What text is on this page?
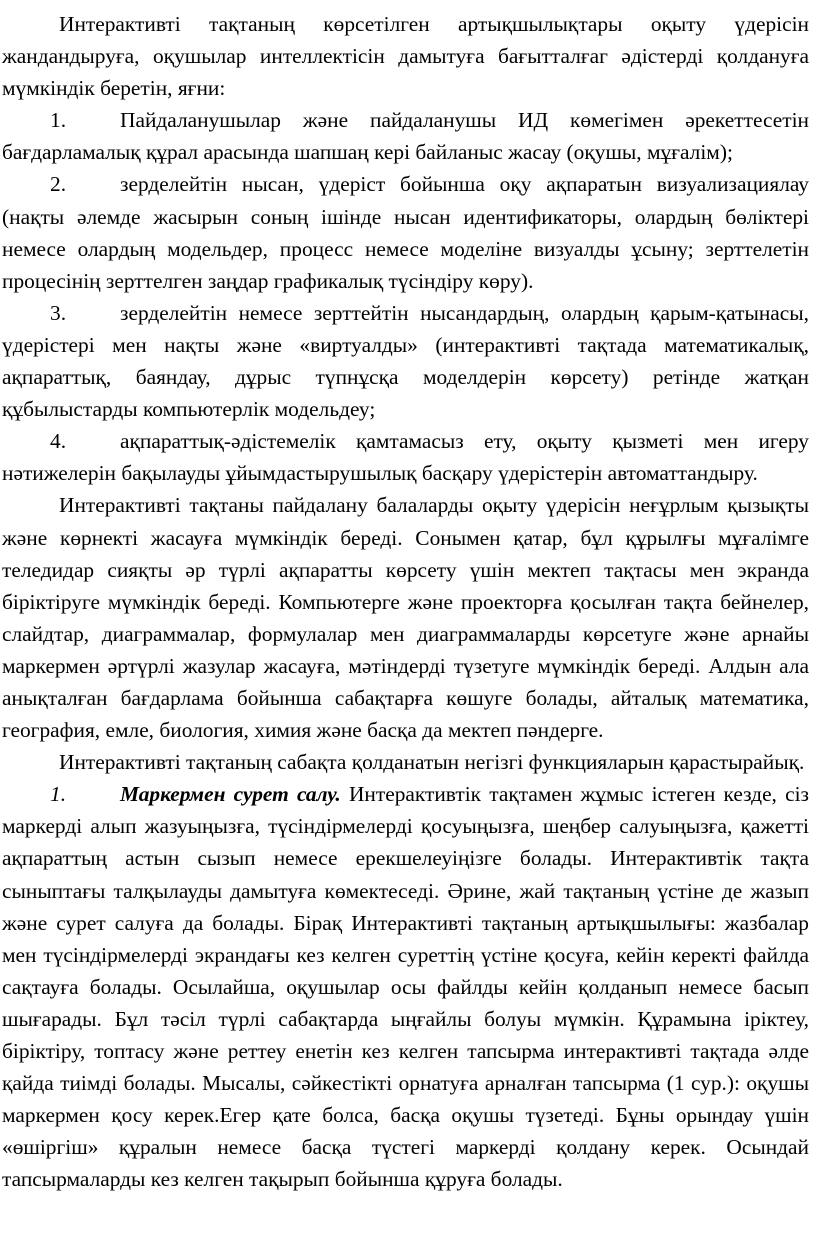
Интерактивті тақтаның көрсетілген артықшылықтары оқыту үдерісін жандандыруға, оқушылар интеллектісін дамытуға бағытталғаг әдістерді қолдануға мүмкіндік беретін, яғни:

1.	Пайдаланушылар және пайдаланушы ИД көмегімен әрекеттесетін бағдарламалық құрал арасында шапшаң кері байланыс жасау (оқушы, мұғалім);

2.	зерделейтін нысан, үдеріст бойынша оқу ақпаратын визуализациялау (нақты әлемде жасырын соның ішінде нысан идентификаторы, олардың бөліктері немесе олардың модельдер, процесс немесе моделіне визуалды ұсыну; зерттелетін процесінің зерттелген заңдар графикалық түсіндіру көру).

3.	зерделейтін немесе зерттейтін нысандардың, олардың қарым-қатынасы, үдерістері мен нақты және «виртуалды» (интерактивті тақтада математикалық, ақпараттық, баяндау, дұрыс түпнұсқа моделдерін көрсету) ретінде жатқан құбылыстарды компьютерлік модельдеу;

4.	ақпараттық-әдістемелік қамтамасыз ету, оқыту қызметі мен игеру нәтижелерін бақылауды ұйымдастырушылық басқару үдерістерін автоматтандыру.

Интерактивті тақтаны пайдалану балаларды оқыту үдерісін неғұрлым қызықты және көрнекті жасауға мүмкіндік береді. Сонымен қатар, бұл құрылғы мұғалімге теледидар сияқты әр түрлі ақпаратты көрсету үшін мектеп тақтасы мен экранда біріктіруге мүмкіндік береді. Компьютерге және проекторға қосылған тақта бейнелер, слайдтар, диаграммалар, формулалар мен диаграммаларды көрсетуге және арнайы маркермен әртүрлі жазулар жасауға, мәтіндерді түзетуге мүмкіндік береді. Алдын ала анықталған бағдарлама бойынша сабақтарға көшуге болады, айталық математика, география, емле, биология, химия және басқа да мектеп пәндерге.

Интерактивті тақтаның сабақта қолданатын негізгі функцияларын қарастырайық.

1.	Маркермен сурет салу. Интерактивтік тақтамен жұмыс істеген кезде, сіз маркерді алып жазуыңызға, түсіндірмелерді қосуыңызға, шеңбер салуыңызға, қажетті ақпараттың астын сызып немесе ерекшелеуіңізге болады. Интерактивтік тақта сыныптағы талқылауды дамытуға көмектеседі. Әрине, жай тақтаның үстіне де жазып және сурет салуға да болады. Бірақ Интерактивті тақтаның артықшылығы: жазбалар мен түсіндірмелерді экрандағы кез келген суреттің үстіне қосуға, кейін керекті файлда сақтауға болады. Осылайша, оқушылар осы файлды кейін қолданып немесе басып шығарады. Бұл тәсіл түрлі сабақтарда ыңғайлы болуы мүмкін. Құрамына іріктеу, біріктіру, топтасу және реттеу енетін кез келген тапсырма интерактивті тақтада әлде қайда тиімді болады. Мысалы, сәйкестікті орнатуға арналған тапсырма (1 сур.): оқушы маркермен қосу керек.Егер қате болса, басқа оқушы түзетеді. Бұны орындау үшін «өшіргіш» құралын немесе басқа түстегі маркерді қолдану керек. Осындай тапсырмаларды кез келген тақырып бойынша құруға болады.
